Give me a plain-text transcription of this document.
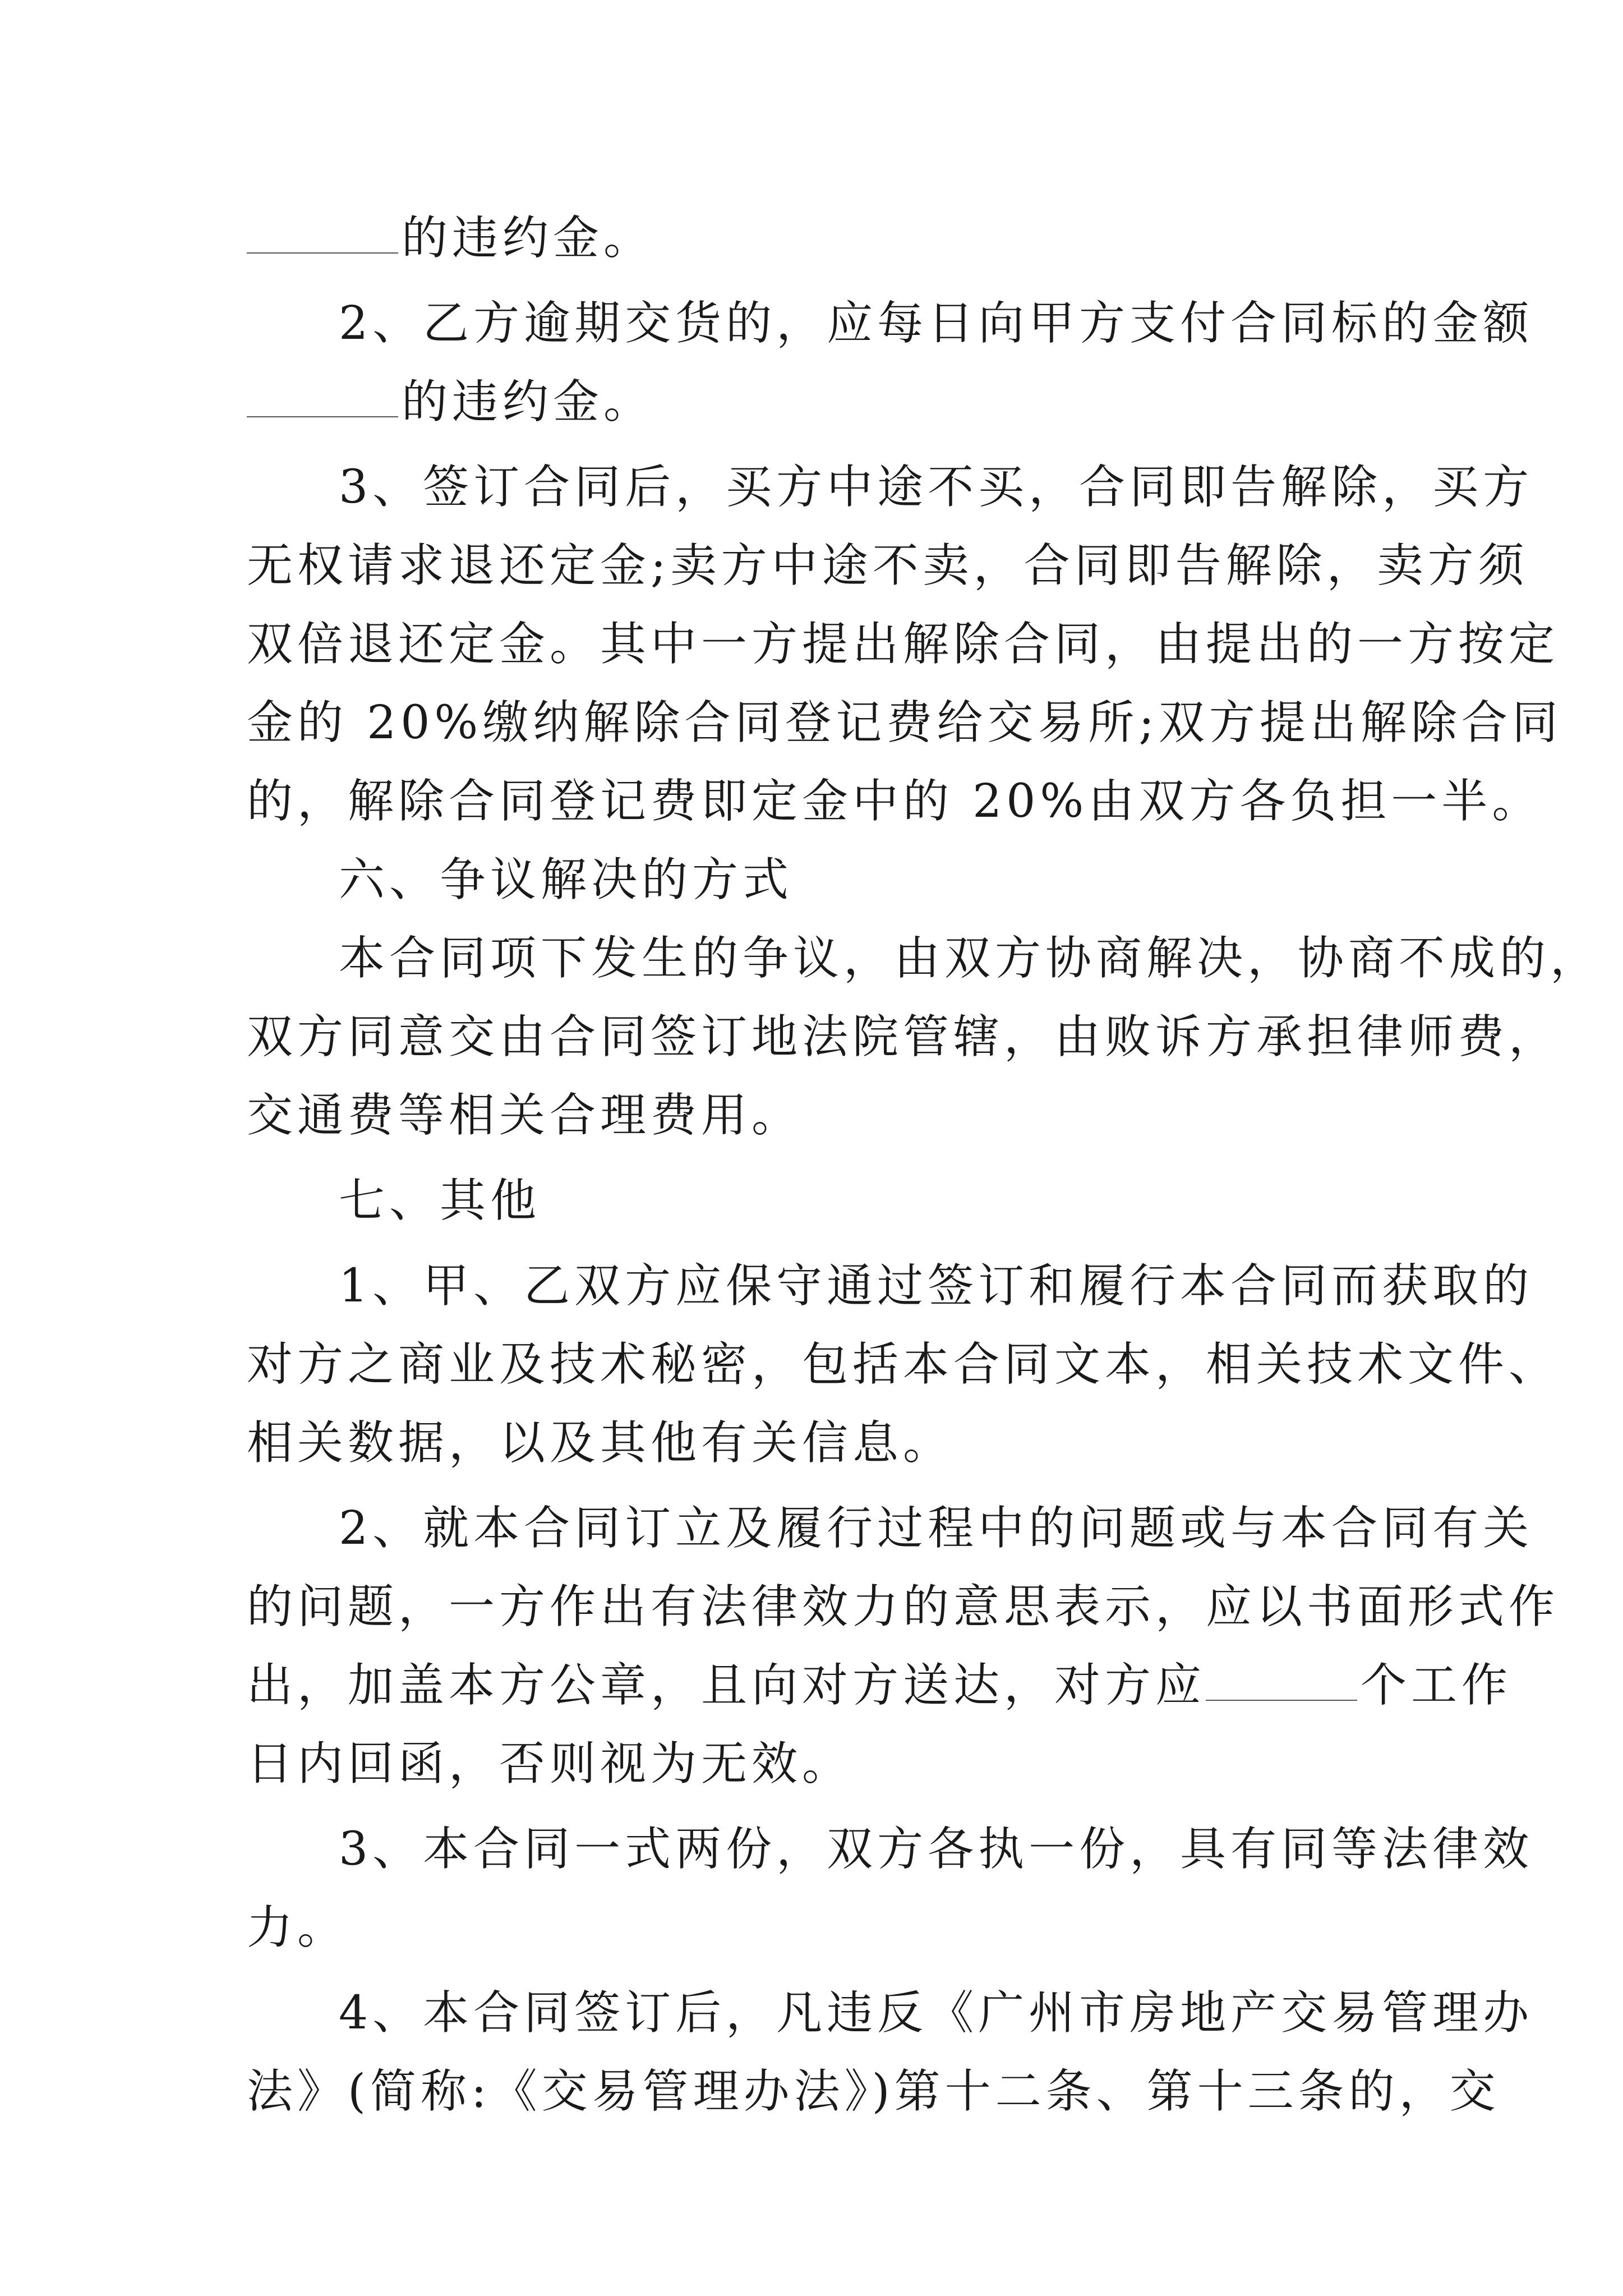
的违约金。

2、乙方逾期交货的，应每日向甲方支付合同标的金额

的违约金。

3、签订合同后，买方中途不买，合同即告解除，买方

无权请求退还定金;卖方中途不卖，合同即告解除，卖方须

双倍退还定金。其中一方提出解除合同，由提出的一方按定

金的 20%缴纳解除合同登记费给交易所;双方提出解除合同

的，解除合同登记费即定金中的 20%由双方各负担一半。

六、争议解决的方式

本合同项下发生的争议，由双方协商解决，协商不成的，

双方同意交由合同签订地法院管辖，由败诉方承担律师费，

交通费等相关合理费用。

七、其他

1、甲、乙双方应保守通过签订和履行本合同而获取的

对方之商业及技术秘密，包括本合同文本，相关技术文件、

相关数据，以及其他有关信息。

2、就本合同订立及履行过程中的问题或与本合同有关

的问题，一方作出有法律效力的意思表示，应以书面形式作

出，加盖本方公章，且向对方送达，对方应	个工作

日内回函，否则视为无效。

3、本合同一式两份，双方各执一份，具有同等法律效

力。

4、本合同签订后，凡违反《广州市房地产交易管理办

法》(简称:《交易管理办法》)第十二条、第十三条的，交
